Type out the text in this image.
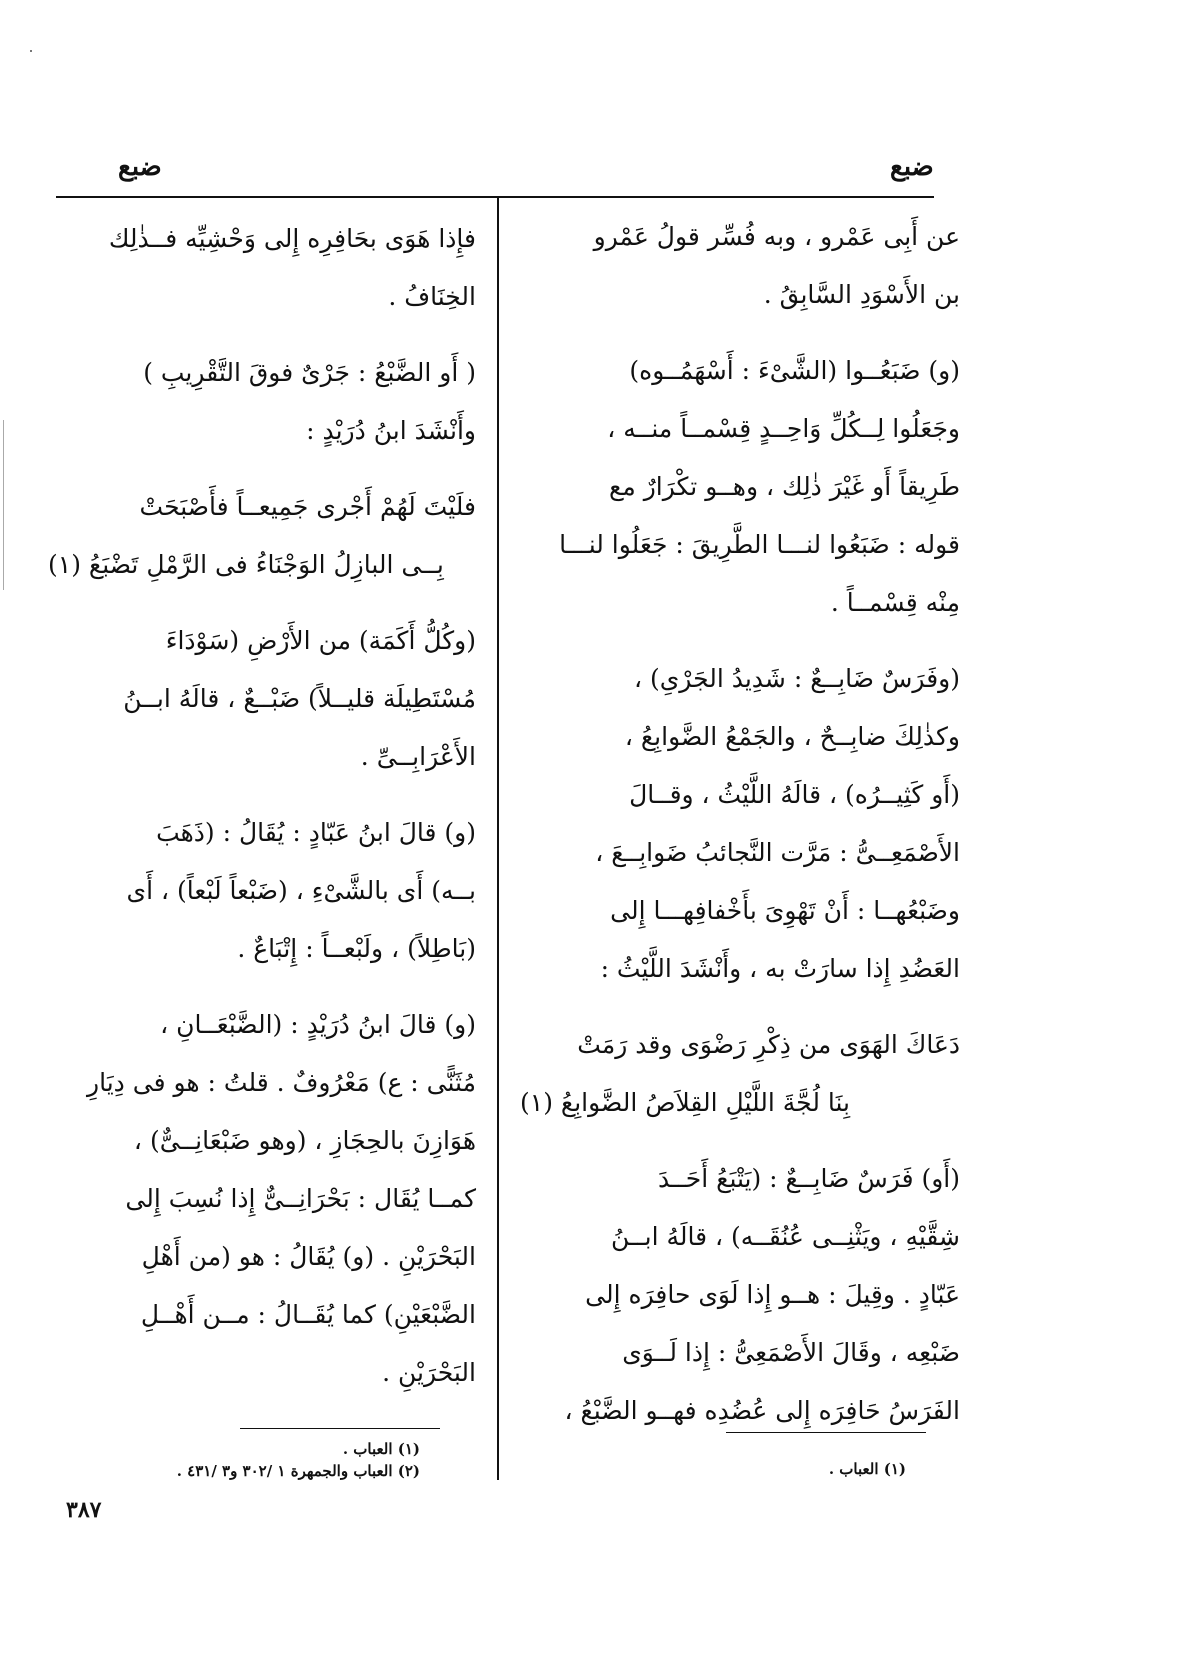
ضبع
ضبع

عن أَبِى عَمْرو ، وبه فُسِّر قولُ عَمْرو
بن الأَسْوَدِ السَّابِقُ .

(و) ضَبَعُــوا (الشَّىْءَ : أَسْهَمُــوه)
وجَعَلُوا لِــكُلِّ وَاحِــدٍ قِسْمــاً منــه ،
طَرِيقاً أَو غَيْرَ ذٰلِك ، وهــو تكْرَارٌ مع
قوله : ضَبَعُوا لنـــا الطَّرِيقَ : جَعَلُوا لنـــا
مِنْه قِسْمــاً .

(وفَرَسٌ ضَابِــعٌ : شَدِيدُ الجَرْىِ) ،
وكذٰلِكَ ضابِــحٌ ، والجَمْعُ الضَّوابِعُ ،
(أَو كَثِيــرُه) ، قالَهُ اللَّيْثُ ، وقــالَ
الأَصْمَعِــىُّ : مَرَّت النَّجائبُ ضَوابِــعَ ،
وضَبْعُهــا : أَنْ تَهْوِىَ بأَخْفافِهـــا إِلى
العَضُدِ إِذا سارَتْ به ، وأَنْشَدَ اللَّيْثُ :

دَعَاكَ الهَوَى من ذِكْرِ رَضْوَى وقد رَمَتْ
بِنَا لُجَّةَ اللَّيْلِ القِلاَصُ الضَّوابِعُ (١)

(أَو) فَرَسٌ ضَابِــعٌ : (يَتْبَعُ أَحَــدَ
شِقَّيْهِ ، ويَثْنِــى عُنُقَــه) ، قالَهُ ابــنُ
عَبّادٍ . وقِيلَ : هــو إِذا لَوَى حافِرَه إِلى
ضَبْعِه ، وقَالَ الأَصْمَعِىُّ : إِذا لَــوَى
الفَرَسُ حَافِرَه إِلى عُضُدِه فهــو الضَّبْعُ ،

فإِذا هَوَى بحَافِرِه إِلى وَحْشِيِّه فــذٰلِك
الخِنَافُ .

( أَو الضَّبْعُ : جَرْىٌ فوقَ التَّقْرِيبِ )
وأَنْشَدَ ابنُ دُرَيْدٍ :

فلَيْتَ لَهُمْ أَجْرى جَمِيعــاً فأَصْبَحَتْ
بِــى البازِلُ الوَجْنَاءُ فى الرَّمْلِ تَضْبَعُ (١)

(وكُلُّ أَكَمَة) من الأَرْضِ (سَوْدَاءَ
مُسْتَطِيلَة قليــلاً) ضَبْــعٌ ، قالَهُ ابــنُ
الأَعْرَابِــىِّ .

(و) قالَ ابنُ عَبّادٍ : يُقَالُ : (ذَهَبَ
بــه) أَى بالشَّىْءِ ، (ضَبْعاً لَبْعاً) ، أَى
(بَاطِلاً) ، ولَبْعــاً : إِتْبَاعٌ .

(و) قالَ ابنُ دُرَيْدٍ : (الضَّبْعَــانِ ،
مُثَنًّى : ع) مَعْرُوفٌ . قلتُ : هو فى دِيَارِ
هَوَازِنَ بالحِجَازِ ، (وهو ضَبْعَانِــىٌّ) ،
كمــا يُقَال : بَحْرَانِــىٌّ إِذا نُسِبَ إِلى
البَحْرَيْنِ . (و) يُقَالُ : هو (من أَهْلِ
الضَّبْعَيْنِ) كما يُقَــالُ : مــن أَهْــلِ
البَحْرَيْنِ .

(١) العباب .
(٢) العباب والجمهرة ١ /٣٠٢ و٣ /٤٣١ .	(١) العباب .
٣٨٧
